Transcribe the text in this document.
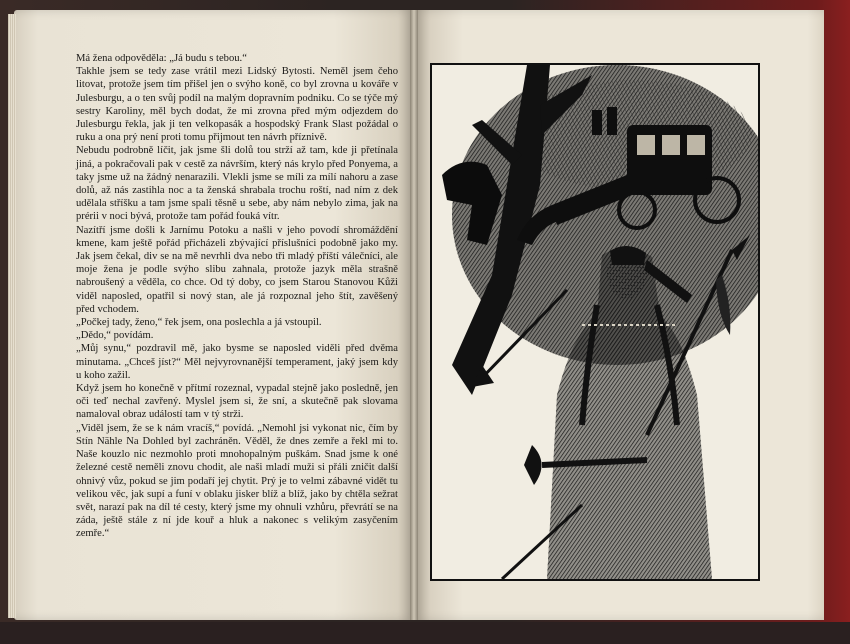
Má žena odpověděla: „Já budu s tebou.“

Takhle jsem se tedy zase vrátil mezi Lidský Bytosti. Neměl jsem čeho litovat, protože jsem tím přišel jen o svýho koně, co byl zrovna u kováře v Julesburgu, a o ten svůj podíl na malým dopravním podniku. Co se týče mý sestry Karoliny, měl bych dodat, že mi zrovna před mým odjezdem do Julesburgu řekla, jak ji ten velkopasák a hospodský Frank Slast požádal o ruku a ona prý není proti tomu přijmout ten návrh příznivě.

Nebudu podrobně líčit, jak jsme šli dolů tou strží až tam, kde ji přetínala jiná, a pokračovali pak v cestě za návrším, který nás krylo před Ponyema, a taky jsme už na žádný nenarazili. Vlekli jsme se míli za mílí nahoru a zase dolů, až nás zastihla noc a ta ženská shrabala trochu roští, nad ním z dek udělala stříšku a tam jsme spali těsně u sebe, aby nám nebylo zima, jak na prérii v noci bývá, protože tam pořád fouká vítr.

Nazítří jsme došli k Jarnímu Potoku a našli v jeho povodí shromáždění kmene, kam ještě pořád přicházeli zbývající příslušníci podobně jako my. Jak jsem čekal, div se na mě nevrhli dva nebo tři mladý příští válečníci, ale moje žena je podle svýho slibu zahnala, protože jazyk měla strašně nabroušený a věděla, co chce. Od tý doby, co jsem Starou Stanovou Kůži viděl naposled, opatřil si nový stan, ale já rozpoznal jeho štít, zavěšený před vchodem.

„Počkej tady, ženo,“ řek jsem, ona poslechla a já vstoupil.

„Dědo,“ povídám.

„Můj synu,“ pozdravil mě, jako bysme se naposled viděli před dvěma minutama. „Chceš jíst?“ Měl nejvyrovnanější temperament, jaký jsem kdy u koho zažil.

Když jsem ho konečně v přítmí rozeznal, vypadal stejně jako posledně, jen oči teď nechal zavřený. Myslel jsem si, že sní, a skutečně pak slovama namaloval obraz událostí tam v tý strži.

„Viděl jsem, že se k nám vracíš,“ povídá. „Nemohl jsi vykonat nic, čím by Stín Nähle Na Dohled byl zachráněn. Věděl, že dnes zemře a řekl mi to. Naše kouzlo nic nezmohlo proti mnohopalným puškám. Snad jsme k oné železné cestě neměli znovu chodit, ale naši mladí muži si přáli zničit další ohnivý vůz, pokud se jim podaří jej chytit. Prý je to velmi zábavné vidět tu velikou věc, jak supí a funí v oblaku jisker blíž a blíž, jako by chtěla sežrat svět, narazí pak na díl té cesty, který jsme my ohnuli vzhůru, převrátí se na záda, ještě stále z ní jde kouř a hluk a nakonec s velikým zasyčením zemře.“
